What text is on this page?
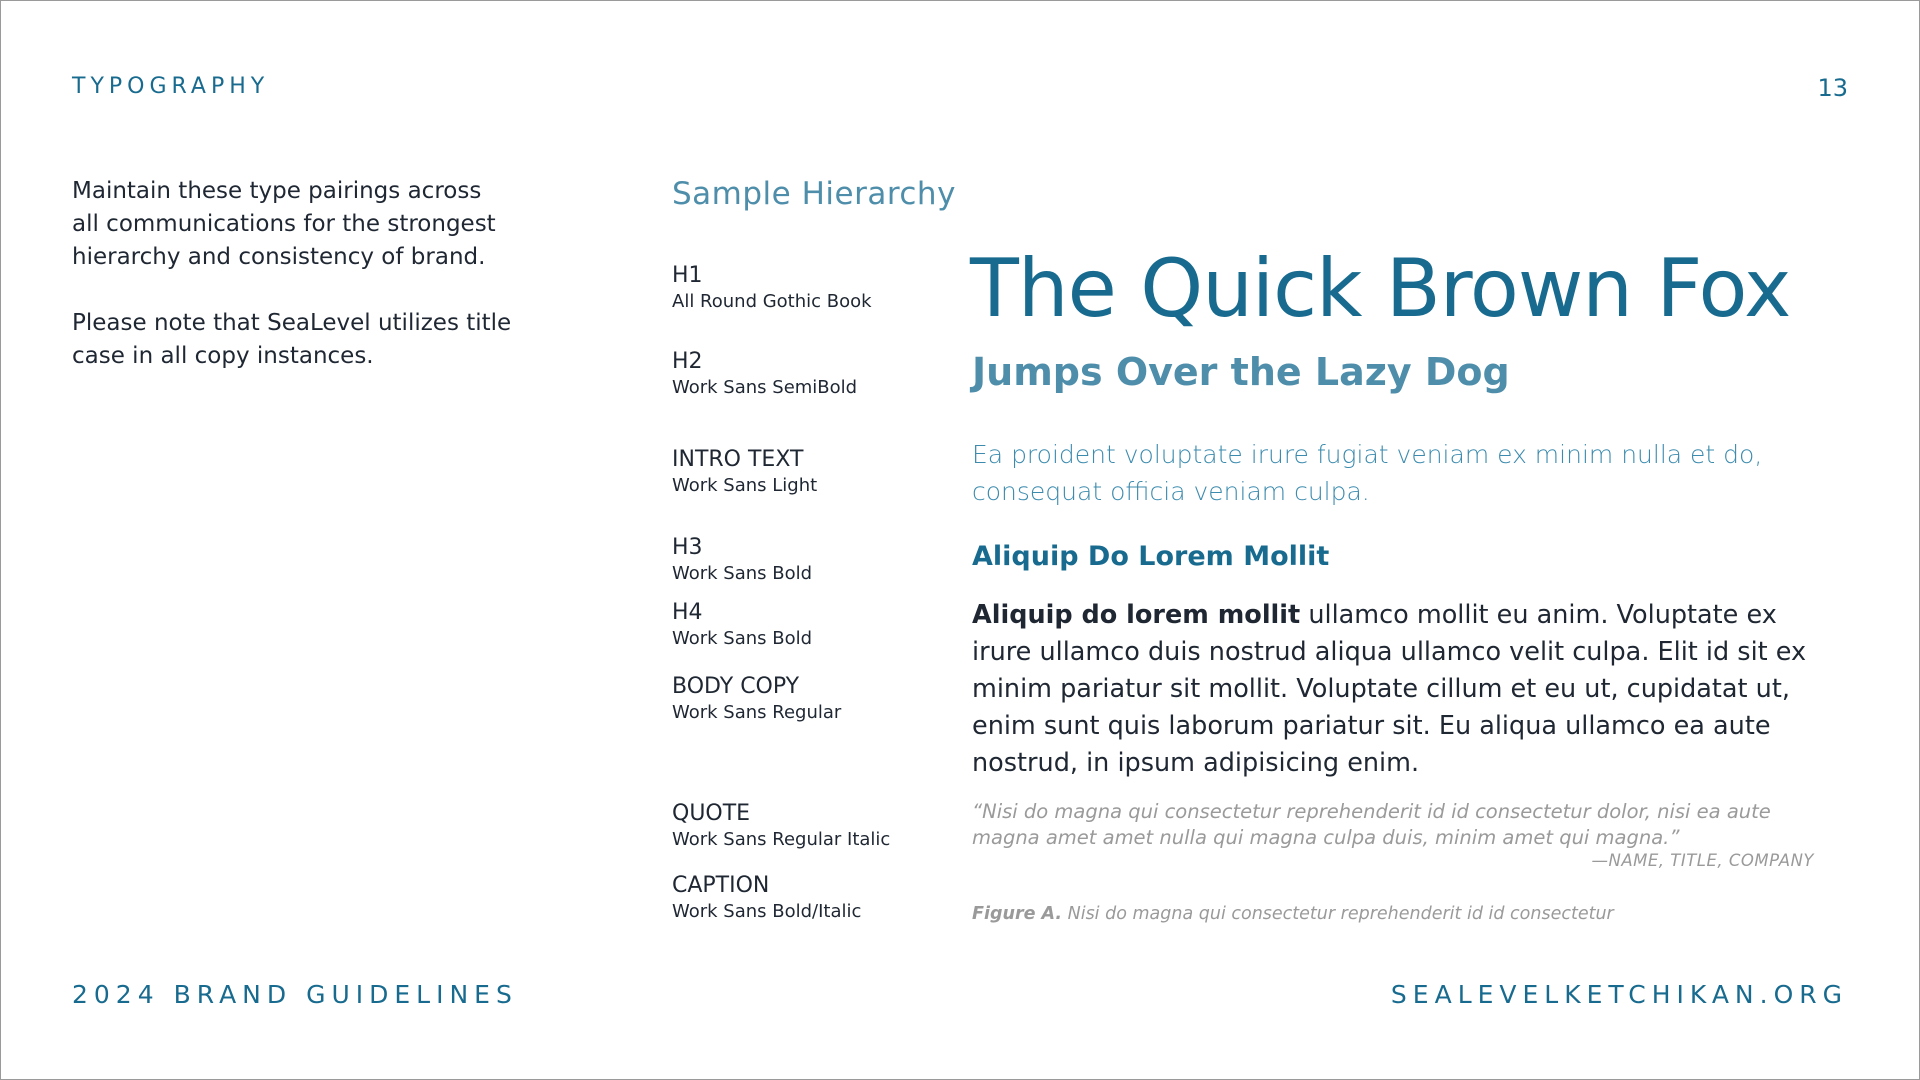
TYPOGRAPHY	13

Maintain these type pairings across all communications for the strongest hierarchy and consistency of brand.

Please note that SeaLevel utilizes title case in all copy instances.

Sample Hierarchy
H1
All Round Gothic Book
H2
Work Sans SemiBold
INTRO TEXT
Work Sans Light
H3
Work Sans Bold
H4
Work Sans Bold
BODY COPY
Work Sans Regular
QUOTE
Work Sans Regular Italic
CAPTION
Work Sans Bold/Italic
The Quick Brown Fox
Jumps Over the Lazy Dog
Ea proident voluptate irure fugiat veniam ex minim nulla et do, consequat officia veniam culpa.
Aliquip Do Lorem Mollit
Aliquip do lorem mollit ullamco mollit eu anim. Voluptate ex irure ullamco duis nostrud aliqua ullamco velit culpa. Elit id sit ex minim pariatur sit mollit. Voluptate cillum et eu ut, cupidatat ut, enim sunt quis laborum pariatur sit. Eu aliqua ullamco ea aute nostrud, in ipsum adipisicing enim.
“Nisi do magna qui consectetur reprehenderit id id consectetur dolor, nisi ea aute magna amet amet nulla qui magna culpa duis, minim amet qui magna.”
—NAME, TITLE, COMPANY
Figure A. Nisi do magna qui consectetur reprehenderit id id consectetur
2024 BRAND GUIDELINES	SEALEVELKETCHIKAN.ORG
